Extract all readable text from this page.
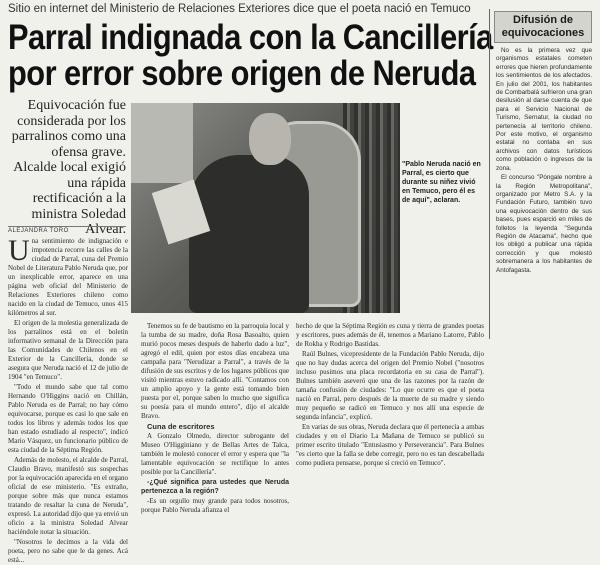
Sitio en internet del Ministerio de Relaciones Exteriores dice que el poeta nació en Temuco
Parral indignada con la Cancillería
por error sobre origen de Neruda
Equivocación fue considerada por los parralinos como una ofensa grave. Alcalde local exigió una rápida rectificación a la ministra Soledad Alvear.
ALEJANDRA TORO
"Pablo Neruda nació en Parral, es cierto que durante su niñez vivió en Temuco, pero él es de aquí", aclaran.

Una sentimiento de indignación e impotencia recorre las calles de la ciudad de Parral, cuna del Premio Nobel de Literatura Pablo Neruda que, por un inexplicable error, aparece en una página web oficial del Ministerio de Relaciones Exteriores chileno como nacido en la ciudad de Temuco, unos 415 kilómetros al sur.

El origen de la molestia generalizada de los parralinos está en el boletín informativo semanal de la Dirección para las Comunidades de Chilenos en el Exterior de la Cancillería, donde se asegura que Neruda nació el 12 de julio de 1904 "en Temuco".

"Todo el mundo sabe que tal como Hernando O'Higgins nació en Chillán, Pablo Neruda es de Parral; no hay cómo equivocarse, porque es casi lo que sale en todos los libros y además todos los que han estado estudiado al respecto", indicó Mario Vásquez, un funcionario público de esta ciudad de la Séptima Región.

Además de molesto, el alcalde de Parral, Claudio Bravo, manifestó sus sospechas por la equivocación aparecida en el organo oficial de ese ministerio. "Es extraño, porque sobre más que nunca estamos tratando de resaltar la cuna de Neruda", expresó. La autoridad dijo que ya envió un oficio a la ministra Soledad Alvear haciéndole notar la situación.

"Nosotros le decimos a la vida del poeta, pero no sabe que le da genes. Acá está...

Tenemos su fe de bautismo en la parroquia local y la tumba de su madre, doña Rosa Basoalto, quien murió pocos meses después de haberlo dado a luz", agregó el edil, quien por estos días encabeza una campaña para "Nerudizar a Parral", a través de la difusión de sus escritos y de los lugares públicos que visitó mientras estuvo radicado allí. "Contamos con un amplio apoyo y la gente está tomando bien puesta por el, porque saben lo mucho que significa su poesía para el mundo entero", dijo el alcalde Bravo.

Cuna de escritores

A Gonzalo Olmedo, director subrogante del Museo O'Higginiano y de Bellas Artes de Talca, también le molestó conocer el error y espera que "la lamentable equivocación se rectifique lo antes posible por la Cancillería".

-¿Qué significa para ustedes que Neruda pertenezca a la región?

-Es un orgullo muy grande para todos nosotros, porque Pablo Neruda afianza el

hecho de que la Séptima Región es cuna y tierra de grandes poetas y escritores, pues además de él, tenemos a Mariano Latorre, Pablo de Rokha y Rodrigo Bastidas.

Raúl Bulnes, vicepresidente de la Fundación Pablo Neruda, dijo que no hay dudas acerca del origen del Premio Nobel ("nosotros incluso pusimos una placa recordatoria en su casa de Parral"). Bulnes también aseveró que una de las razones por la razón de tamaña confusión de ciudades: "Lo que ocurre es que el poeta nació en Parral, pero después de la muerte de su madre y siendo muy pequeño se radicó en Temuco y nos allí una especie de segunda infancia", explicó.

En varias de sus obras, Neruda declara que él pertenecía a ambas ciudades y en el Diario La Mañana de Temuco se publicó su primer escrito titulado "Entusiasmo y Perseverancia". Para Bulnes "es cierto que la falla se debe corregir, pero no es tan descabellada como pudiera pensarse, porque sí creció en Temuco".

Difusión de equivocaciones

No es la primera vez que organismos estatales cometen errores que hieren profundamente los sentimientos de los afectados. En julio del 2001, los habitantes de Combarbalá sufrieron una gran desilusión al darse cuenta de que para el Servicio Nacional de Turismo, Sernatur, la ciudad no pertenecía al territorio chileno. Por este motivo, el organismo estatal no contaba en sus archivos con datos turísticos como población o ingresos de la zona.

El concurso "Póngale nombre a la Región Metropolitana", organizado por Metro S.A. y la Fundación Futuro, también tuvo una equivocación dentro de sus bases, pues esparció en miles de folletos la leyenda "Segunda Región de Atacama", hecho que los obligó a publicar una rápida corrección y que molestó sobremanera a los habitantes de Antofagasta.
